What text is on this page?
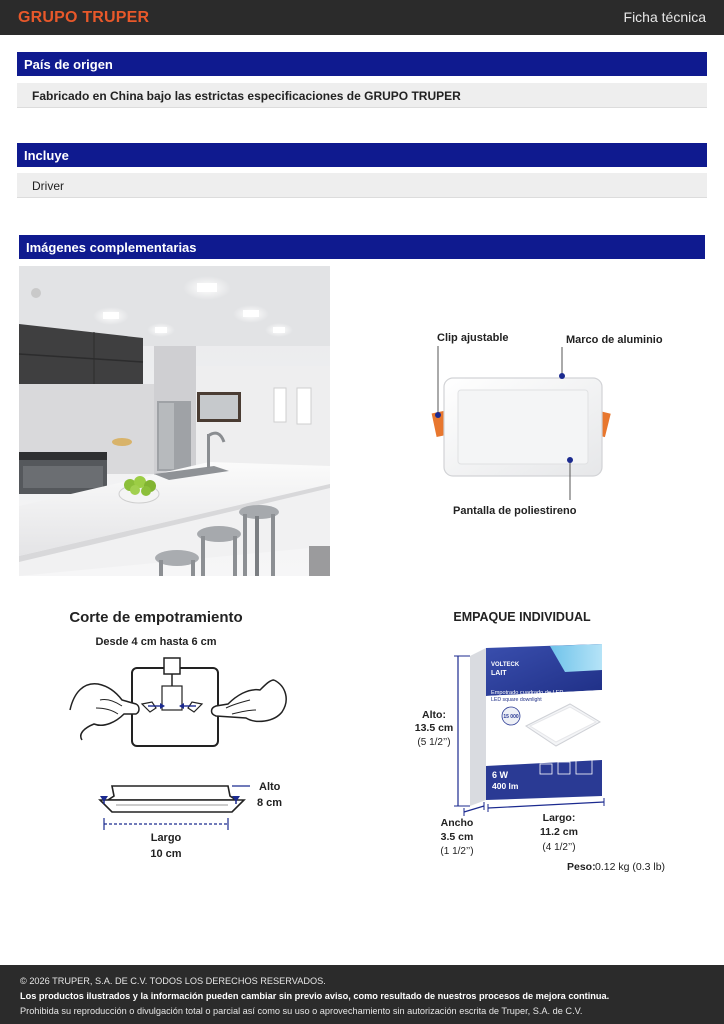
GRUPO TRUPER	Ficha técnica
País de origen
Fabricado en China bajo las estrictas especificaciones de GRUPO TRUPER
Incluye
Driver
Imágenes complementarias
Clip ajustable	Marco de aluminio
Pantalla de poliestireno
Corte de empotramiento
Desde 4 cm hasta 6 cm
Alto
8 cm
Largo
10 cm
EMPAQUE INDIVIDUAL
VOLTECK
LAIT
Empotrado cuadrado de LED
LED square downlight
15 000
6 W
400 lm
Alto:
13.5 cm
(5 1/2’’)
Ancho
3.5 cm
(1 1/2’’)
Largo:
11.2 cm
(4 1/2’’)
Peso: 0.12 kg (0.3 lb)
© 2026 TRUPER, S.A. DE C.V. TODOS LOS DERECHOS RESERVADOS.
Los productos ilustrados y la información pueden cambiar sin previo aviso, como resultado de nuestros procesos de mejora continua.
Prohibida su reproducción o divulgación total o parcial así como su uso o aprovechamiento sin autorización escrita de Truper, S.A. de C.V.
